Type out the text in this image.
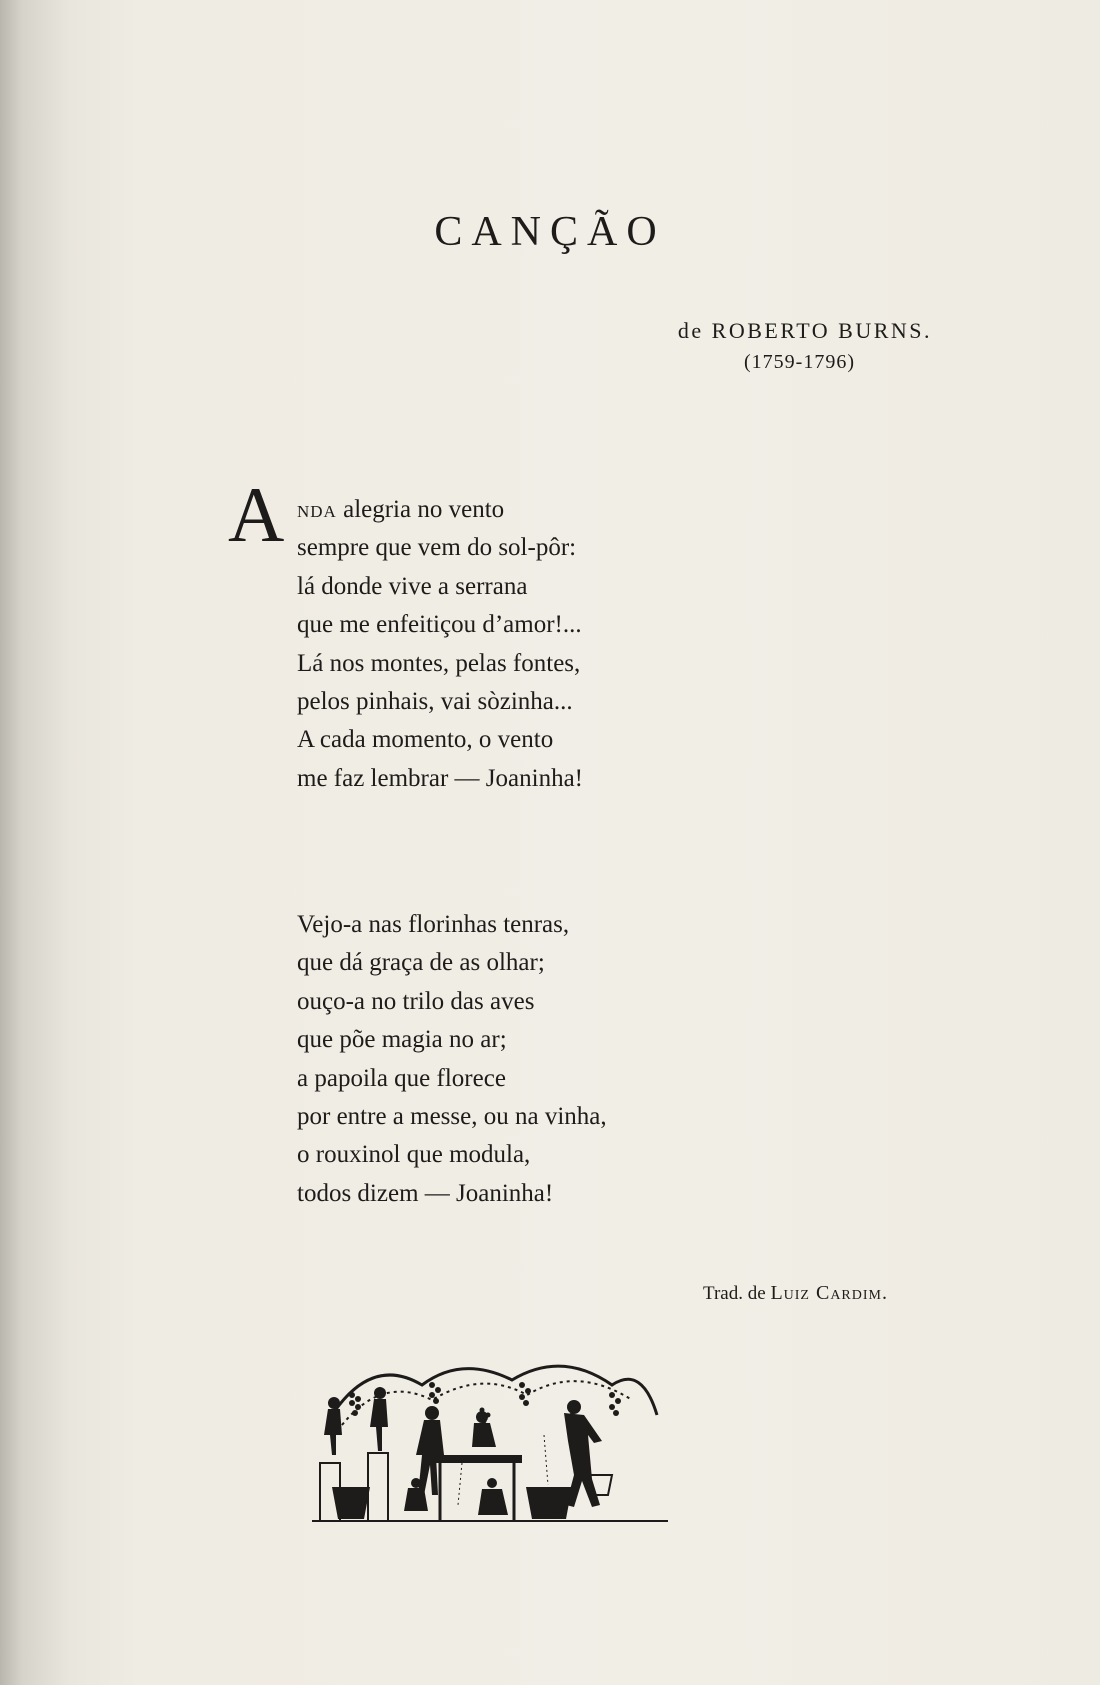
CANÇÃO
de ROBERTO BURNS.
(1759-1796)
A NDA alegria no vento
sempre que vem do sol-pôr:
lá donde vive a serrana
que me enfeitiçou d’amor!...
Lá nos montes, pelas fontes,
pelos pinhais, vai sòzinha...
A cada momento, o vento
me faz lembrar — Joaninha!
Vejo-a nas florinhas tenras,
que dá graça de as olhar;
ouço-a no trilo das aves
que põe magia no ar;
a papoila que florece
por entre a messe, ou na vinha,
o rouxinol que modula,
todos dizem — Joaninha!
Trad. de Luiz Cardim.
